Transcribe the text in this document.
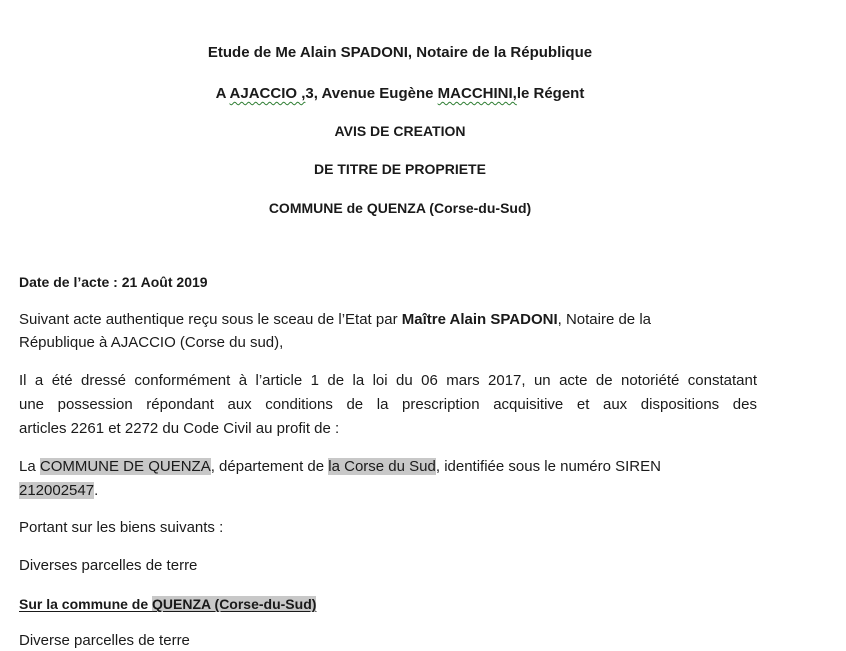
Etude de Me Alain SPADONI, Notaire de la République
A AJACCIO ,3, Avenue Eugène MACCHINI,le Régent
AVIS DE CREATION
DE TITRE DE PROPRIETE
COMMUNE de QUENZA (Corse-du-Sud)
Date de l’acte : 21 Août 2019
Suivant acte authentique reçu sous le sceau de l’Etat par Maître Alain SPADONI, Notaire de la
République à AJACCIO (Corse du sud),
Il a été dressé conformément à l’article 1 de la loi du 06 mars 2017, un acte de notoriété constatant
une possession répondant aux conditions de la prescription acquisitive et aux dispositions des
articles 2261 et 2272 du Code Civil au profit de :
La COMMUNE DE QUENZA, département de la Corse du Sud, identifiée sous le numéro SIREN
212002547.
Portant sur les biens suivants :
Diverses parcelles de terre
Sur la commune de QUENZA (Corse-du-Sud)
Diverse parcelles de terre
